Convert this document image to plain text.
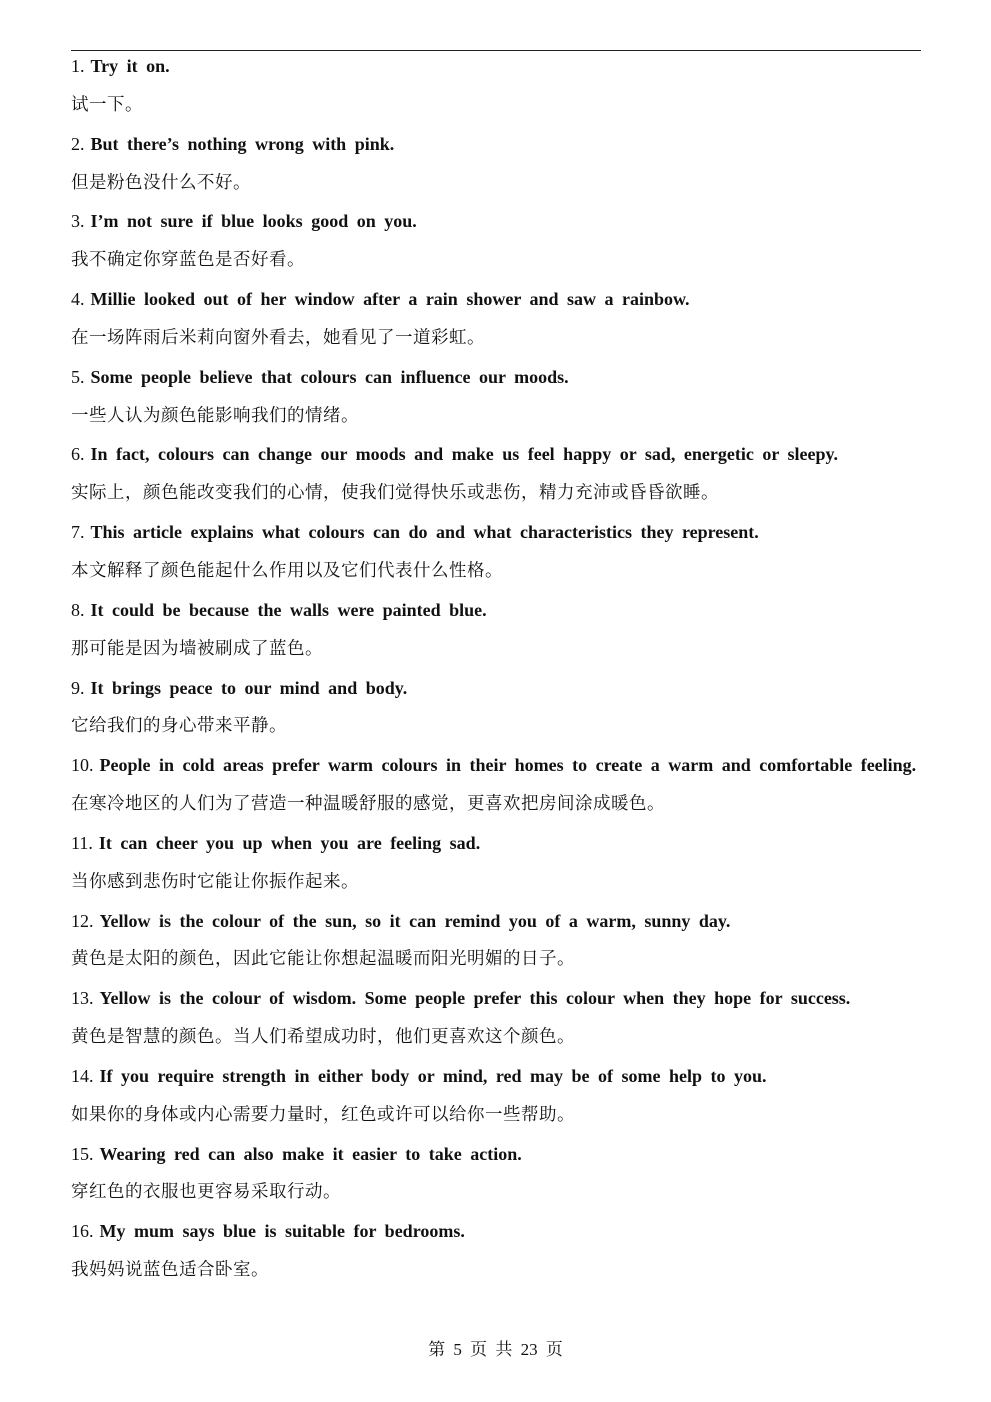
1. Try it on.
试一下。
2. But there’s nothing wrong with pink.
但是粉色没什么不好。
3. I’m not sure if blue looks good on you.
我不确定你穿蓝色是否好看。
4. Millie looked out of her window after a rain shower and saw a rainbow.
在一场阵雨后米莉向窗外看去，她看见了一道彩虹。
5. Some people believe that colours can influence our moods.
一些人认为颜色能影响我们的情绪。
6. In fact, colours can change our moods and make us feel happy or sad, energetic or sleepy.
实际上，颜色能改变我们的心情，使我们觉得快乐或悲伤，精力充沛或昏昏欲睡。
7. This article explains what colours can do and what characteristics they represent.
本文解释了颜色能起什么作用以及它们代表什么性格。
8. It could be because the walls were painted blue.
那可能是因为墙被刷成了蓝色。
9. It brings peace to our mind and body.
它给我们的身心带来平静。
10. People in cold areas prefer warm colours in their homes to create a warm and comfortable feeling.
在寒冷地区的人们为了营造一种温暖舒服的感觉，更喜欢把房间涂成暖色。
11. It can cheer you up when you are feeling sad.
当你感到悲伤时它能让你振作起来。
12. Yellow is the colour of the sun, so it can remind you of a warm, sunny day.
黄色是太阳的颜色，因此它能让你想起温暖而阳光明媚的日子。
13. Yellow is the colour of wisdom. Some people prefer this colour when they hope for success.
黄色是智慧的颜色。当人们希望成功时，他们更喜欢这个颜色。
14. If you require strength in either body or mind, red may be of some help to you.
如果你的身体或内心需要力量时，红色或许可以给你一些帮助。
15. Wearing red can also make it easier to take action.
穿红色的衣服也更容易采取行动。
16. My mum says blue is suitable for bedrooms.
我妈妈说蓝色适合卧室。
第 5 页 共 23 页
